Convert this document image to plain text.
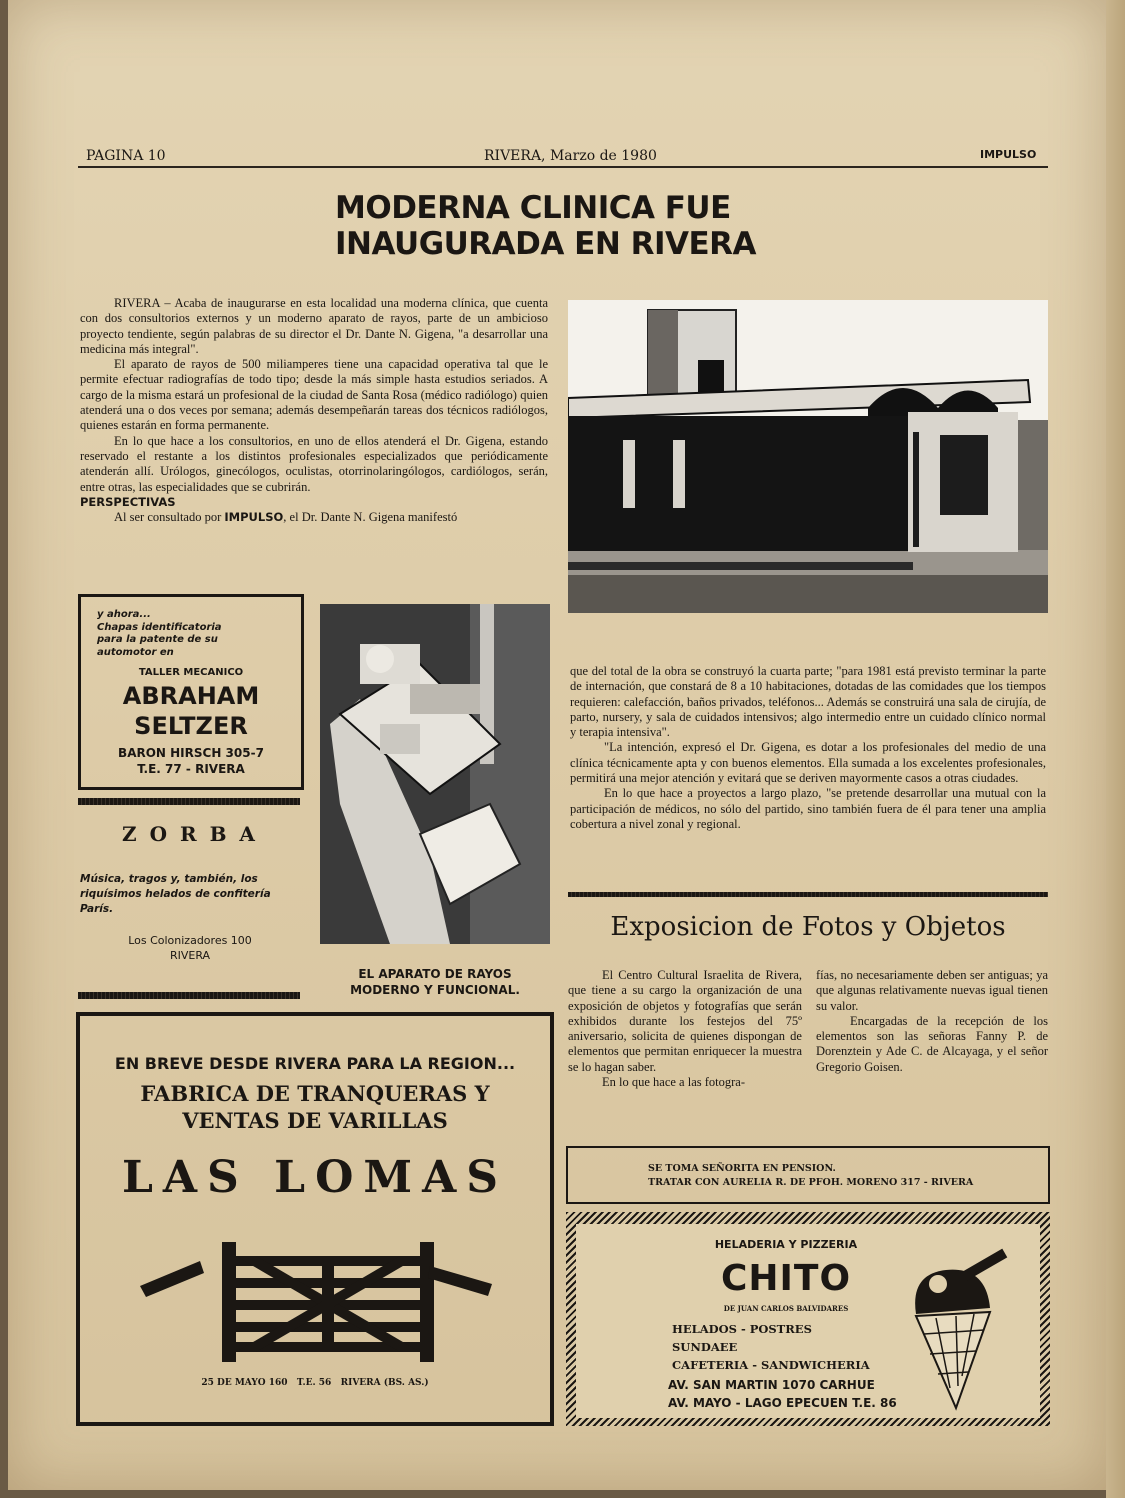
PAGINA 10	RIVERA, Marzo de 1980	IMPULSO
MODERNA CLINICA FUE
INAUGURADA EN RIVERA

RIVERA – Acaba de inaugurarse en esta localidad una moderna clínica, que cuenta con dos consultorios externos y un moderno aparato de rayos, parte de un ambicioso proyecto tendiente, según palabras de su director el Dr. Dante N. Gigena, "a desarrollar una medicina más integral".

El aparato de rayos de 500 miliamperes tiene una capacidad operativa tal que le permite efectuar radiografías de todo tipo; desde la más simple hasta estudios seriados. A cargo de la misma estará un profesional de la ciudad de Santa Rosa (médico radiólogo) quien atenderá una o dos veces por semana; además desempeñarán tareas dos técnicos radiólogos, quienes estarán en forma permanente.

En lo que hace a los consultorios, en uno de ellos atenderá el Dr. Gigena, estando reservado el restante a los distintos profesionales especializados que periódicamente atenderán allí. Urólogos, ginecólogos, oculistas, otorrinolaringólogos, cardiólogos, serán, entre otras, las especialidades que se cubrirán.

PERSPECTIVAS

Al ser consultado por IMPULSO, el Dr. Dante N. Gigena manifestó

que del total de la obra se construyó la cuarta parte; "para 1981 está previsto terminar la parte de internación, que constará de 8 a 10 habitaciones, dotadas de las comidades que los tiempos requieren: calefacción, baños privados, teléfonos... Además se construirá una sala de cirujía, de parto, nursery, y sala de cuidados intensivos; algo intermedio entre un cuidado clínico normal y terapia intensiva".

"La intención, expresó el Dr. Gigena, es dotar a los profesionales del medio de una clínica técnicamente apta y con buenos elementos. Ella sumada a los excelentes profesionales, permitirá una mejor atención y evitará que se deriven mayormente casos a otras ciudades.

En lo que hace a proyectos a largo plazo, "se pretende desarrollar una mutual con la participación de médicos, no sólo del partido, sino también fuera de él para tener una amplia cobertura a nivel zonal y regional.

y ahora...
Chapas identificatoria
para la patente de su
automotor en
TALLER MECANICO
ABRAHAM
SELTZER
BARON HIRSCH 305-7
T.E. 77 - RIVERA
Z O R B A
Música, tragos y, también, los riquísimos helados de confitería París.
Los Colonizadores 100
RIVERA
EL APARATO DE RAYOS
MODERNO Y FUNCIONAL.
EN BREVE DESDE RIVERA PARA LA REGION...
FABRICA DE TRANQUERAS Y
VENTAS DE VARILLAS
LAS LOMAS
25 DE MAYO 160   T.E. 56   RIVERA (BS. AS.)
Exposicion de Fotos y Objetos

El Centro Cultural Israelita de Rivera, que tiene a su cargo la organización de una exposición de objetos y fotografías que serán exhibidos durante los festejos del 75º aniversario, solicita de quienes dispongan de elementos que permitan enriquecer la muestra se lo hagan saber.

En lo que hace a las fotogra-

fías, no necesariamente deben ser antiguas; ya que algunas relativamente nuevas igual tienen su valor.

Encargadas de la recepción de los elementos son las señoras Fanny P. de Dorenztein y Ade C. de Alcayaga, y el señor Gregorio Goisen.

SE TOMA SEÑORITA EN PENSION.
TRATAR CON AURELIA R. DE PFOH. MORENO 317 - RIVERA
HELADERIA Y PIZZERIA
CHITO
DE JUAN CARLOS BALVIDARES
HELADOS - POSTRES
SUNDAEE
CAFETERIA - SANDWICHERIA
AV. SAN MARTIN 1070 CARHUE
AV. MAYO - LAGO EPECUEN T.E. 86
